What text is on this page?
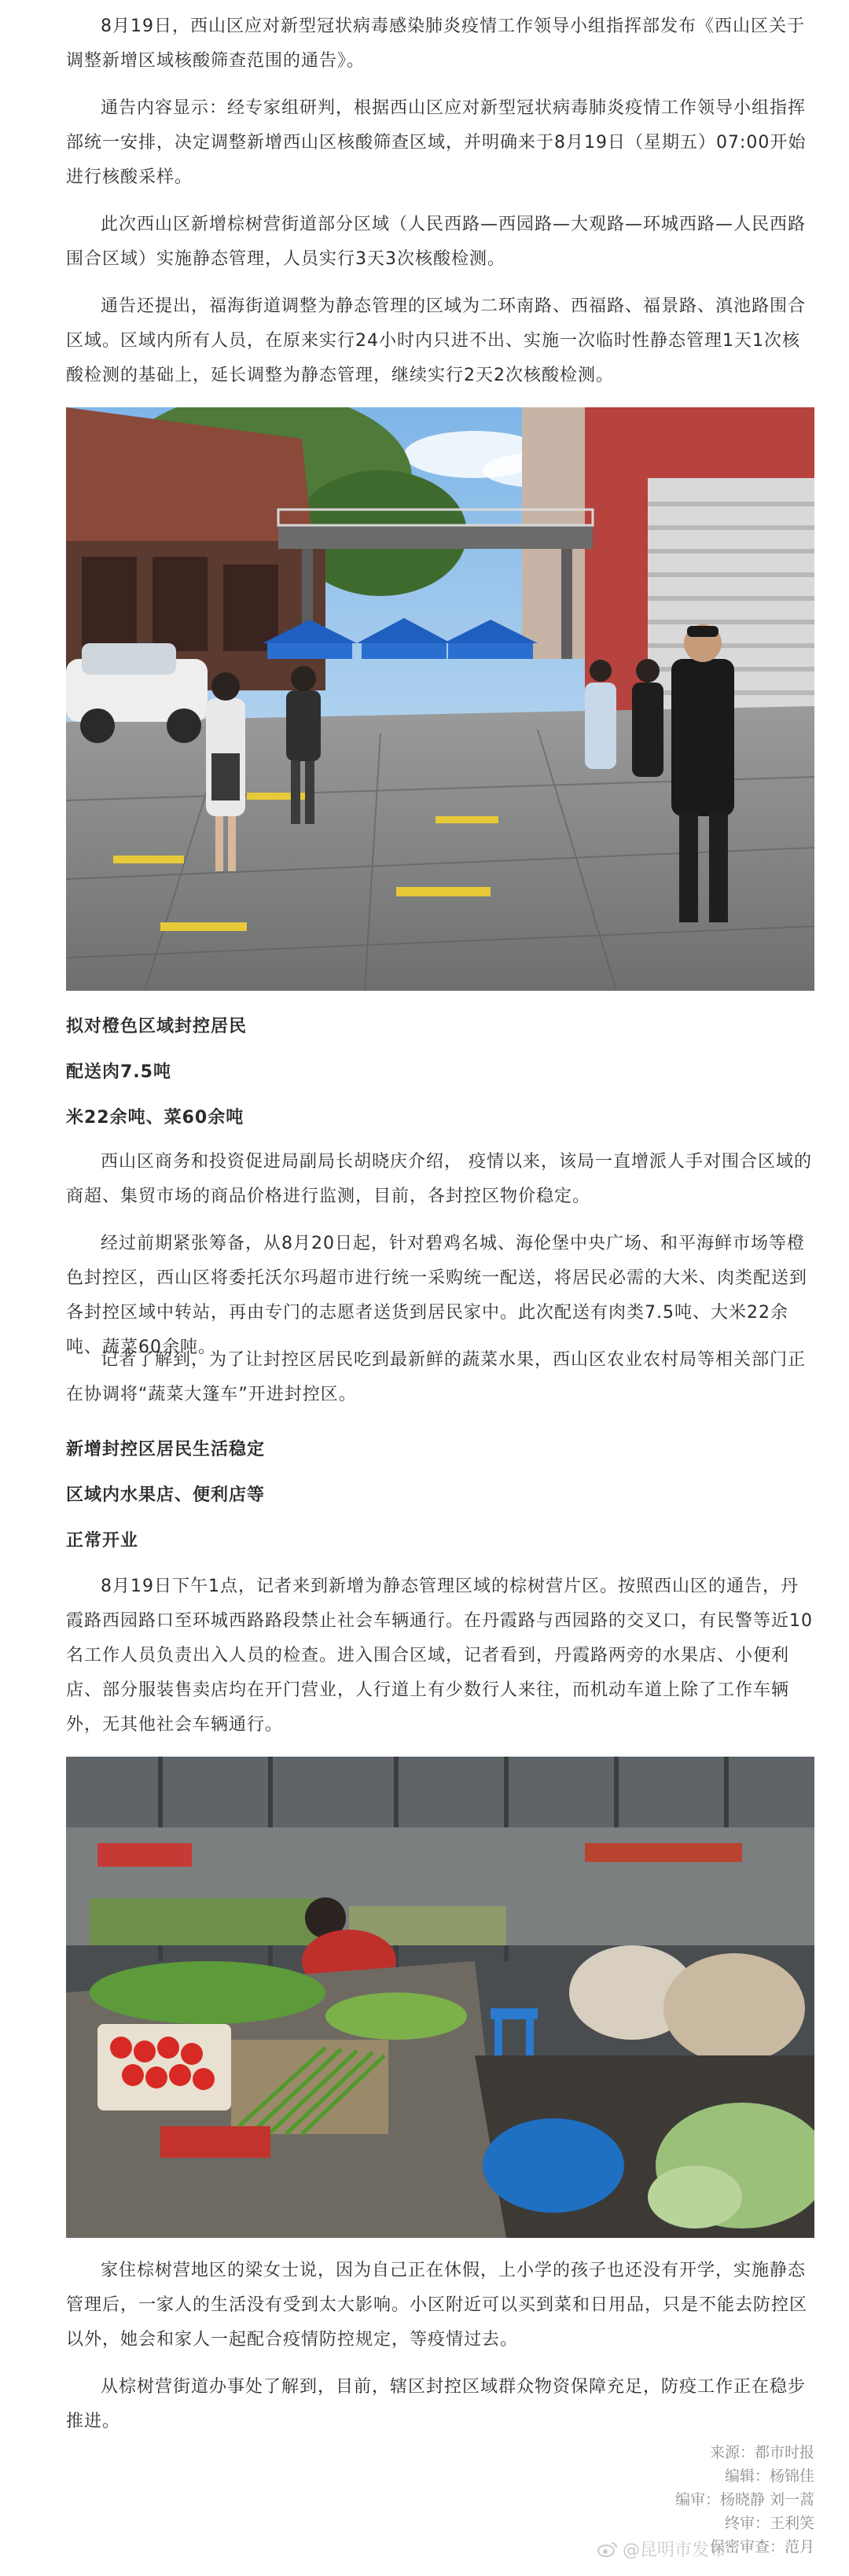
8月19日，西山区应对新型冠状病毒感染肺炎疫情工作领导小组指挥部发布《西山区关于调整新增区域核酸筛查范围的通告》。

通告内容显示：经专家组研判，根据西山区应对新型冠状病毒肺炎疫情工作领导小组指挥部统一安排，决定调整新增西山区核酸筛查区域，并明确来于8月19日（星期五）07:00开始进行核酸采样。

此次西山区新增棕树营街道部分区域（人民西路—西园路—大观路—环城西路—人民西路围合区域）实施静态管理，人员实行3天3次核酸检测。

通告还提出，福海街道调整为静态管理的区域为二环南路、西福路、福景路、滇池路围合区域。区域内所有人员，在原来实行24小时内只进不出、实施一次临时性静态管理1天1次核酸检测的基础上，延长调整为静态管理，继续实行2天2次核酸检测。

拟对橙色区域封控居民

配送肉7.5吨

米22余吨、菜60余吨

西山区商务和投资促进局副局长胡晓庆介绍， 疫情以来，该局一直增派人手对围合区域的商超、集贸市场的商品价格进行监测，目前，各封控区物价稳定。

经过前期紧张筹备，从8月20日起，针对碧鸡名城、海伦堡中央广场、和平海鲜市场等橙色封控区，西山区将委托沃尔玛超市进行统一采购统一配送，将居民必需的大米、肉类配送到各封控区域中转站，再由专门的志愿者送货到居民家中。此次配送有肉类7.5吨、大米22余吨、蔬菜60余吨。

记者了解到，为了让封控区居民吃到最新鲜的蔬菜水果，西山区农业农村局等相关部门正在协调将“蔬菜大篷车”开进封控区。

新增封控区居民生活稳定

区域内水果店、便利店等

正常开业

8月19日下午1点，记者来到新增为静态管理区域的棕树营片区。按照西山区的通告，丹霞路西园路口至环城西路路段禁止社会车辆通行。在丹霞路与西园路的交叉口，有民警等近10名工作人员负责出入人员的检查。进入围合区域，记者看到，丹霞路两旁的水果店、小便利店、部分服装售卖店均在开门营业，人行道上有少数行人来往，而机动车道上除了工作车辆外，无其他社会车辆通行。

家住棕树营地区的梁女士说，因为自己正在休假，上小学的孩子也还没有开学，实施静态管理后，一家人的生活没有受到太大影响。小区附近可以买到菜和日用品，只是不能去防控区以外，她会和家人一起配合疫情防控规定，等疫情过去。

从棕树营街道办事处了解到，目前，辖区封控区域群众物资保障充足，防疫工作正在稳步推进。

来源：都市时报
编辑：杨锦佳
编审：杨晓静 刘一蒿
终审：王利笑
保密审查：范月
@昆明市发布
